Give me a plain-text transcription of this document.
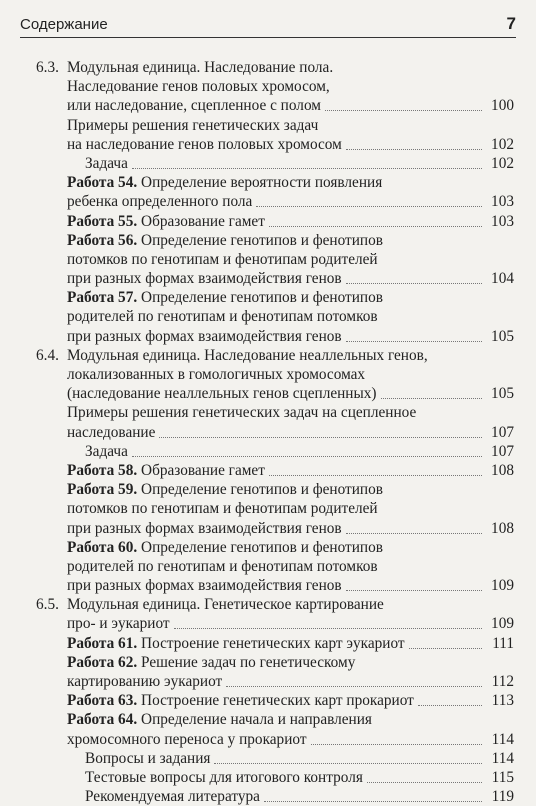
Содержание	7
6.3. Модульная единица. Наследование пола.
Наследование генов половых хромосом,
или наследование, сцепленное с полом	100
Примеры решения генетических задач
на наследование генов половых хромосом	102
Задача	102
Работа 54. Определение вероятности появления
ребенка определенного пола	103
Работа 55. Образование гамет	103
Работа 56. Определение генотипов и фенотипов
потомков по генотипам и фенотипам родителей
при разных формах взаимодействия генов	104
Работа 57. Определение генотипов и фенотипов
родителей по генотипам и фенотипам потомков
при разных формах взаимодействия генов	105
6.4. Модульная единица. Наследование неаллельных генов,
локализованных в гомологичных хромосомах
(наследование неаллельных генов сцепленных)	105
Примеры решения генетических задач на сцепленное
наследование	107
Задача	107
Работа 58. Образование гамет	108
Работа 59. Определение генотипов и фенотипов
потомков по генотипам и фенотипам родителей
при разных формах взаимодействия генов	108
Работа 60. Определение генотипов и фенотипов
родителей по генотипам и фенотипам потомков
при разных формах взаимодействия генов	109
6.5. Модульная единица. Генетическое картирование
про- и эукариот	109
Работа 61. Построение генетических карт эукариот	111
Работа 62. Решение задач по генетическому
картированию эукариот	112
Работа 63. Построение генетических карт прокариот	113
Работа 64. Определение начала и направления
хромосомного переноса у прокариот	114
Вопросы и задания	114
Тестовые вопросы для итогового контроля	115
Рекомендуемая литература	119
